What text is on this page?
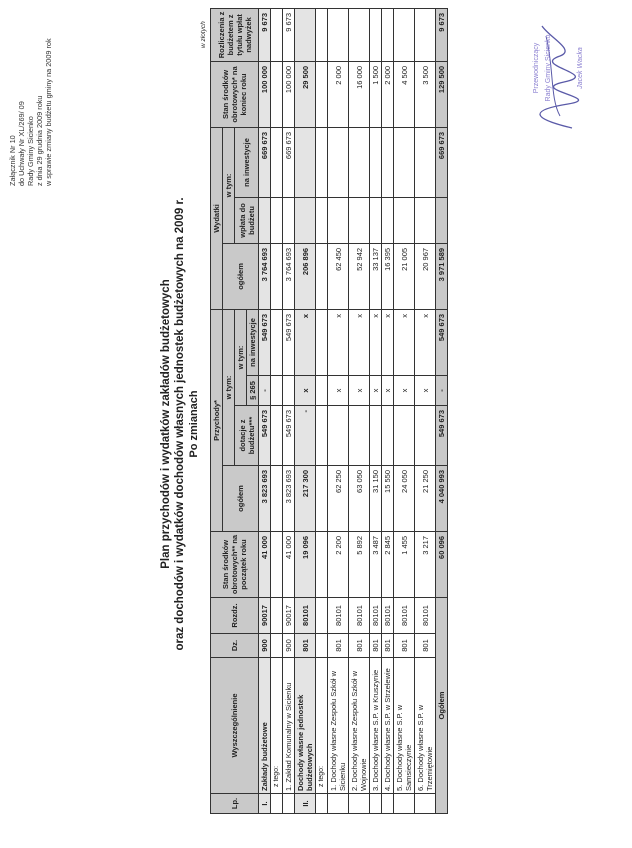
Załącznik Nr 10 do Uchwały Nr XL/269/ 09 Rady Gminy Sicienko z dnia 29 grudnia 2009 roku w sprawie zmiany budżetu gminy na 2009 rok
Plan przychodów i wydatków zakładów budżetowych oraz dochodów i wydatków dochodów własnych jednostek budżetowych na 2009 r. Po zmianach
w złotych
Lp.	Wyszczególnienie	Dz.	Rozdz.	Stan środków obrotowych** na początek roku	Przychody*				Wydatki			Stan środków obrotowych* na koniec roku	Rozliczenia z budżetem z tytułu wpłat nadwyżek
					ogółem	w tym:			ogółem	w tym:			
						dotacje z budżetu***	w tym:			wpłata do budżetu	na inwestycje		
							§ 265	na inwestycje					
I.	Zakłady budżetowe	900	90017	41 000	3 823 693	549 673	-	549 673	3 764 693		669 673	100 000	9 673
	z tego:												
	1. Zakład Komunalny w Sicienku	900	90017	41 000	3 823 693	549 673		549 673	3 764 693		669 673	100 000	9 673
II.	Dochody własne jednostek budżetowych	801	80101	19 096	217 300	-	x	x	206 896			29 500	
	z tego:												
	1. Dochody własne Zespołu Szkół w Sicienku	801	80101	2 200	62 250		x	x	62 450			2 000	
	2. Dochody własne Zespołu Szkół w Wojnowie	801	80101	5 892	63 050		x	x	52 942			16 000	
	3. Dochody własne S.P. w Kruszynie	801	80101	3 487	31 150		x	x	33 137			1 500	
	4. Dochody własne S.P. w Strzelewie	801	80101	2 845	15 550		x	x	16 395			2 000	
	5. Dochody własne S.P. w Samsieczynie	801	80101	1 455	24 050		x	x	21 005			4 500	
	6. Dochody własne S.P. w Trzemiętowie	801	80101	3 217	21 250		x	x	20 967			3 500	
Ogółem				60 096	4 040 993	549 673	-	549 673	3 971 589		669 673	129 500	9 673
Przewodniczący Rady Gminy Sicienko	Jacek Wacka
